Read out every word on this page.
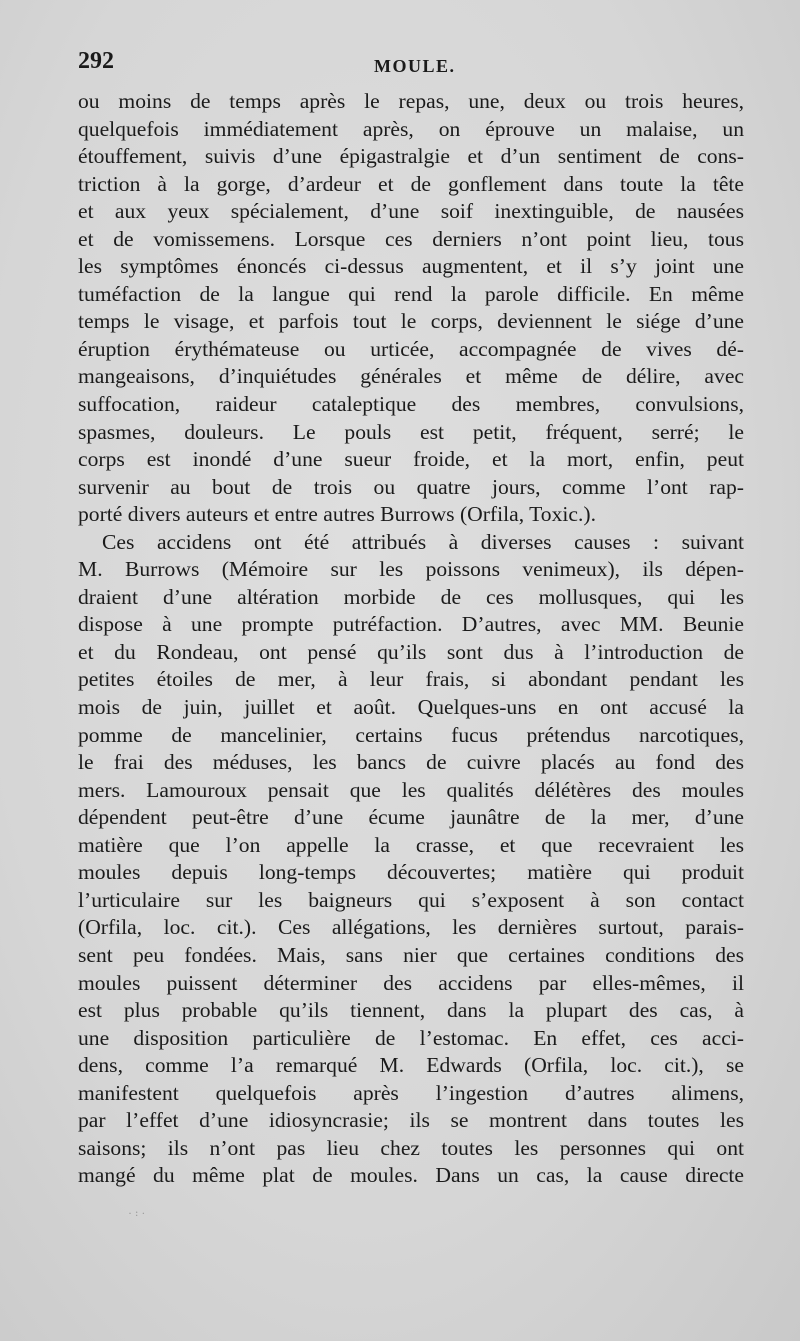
292	MOULE.
ou moins de temps après le repas, une, deux ou trois heures,
quelquefois immédiatement après, on éprouve un malaise, un
étouffement, suivis d’une épigastralgie et d’un sentiment de cons-
triction à la gorge, d’ardeur et de gonflement dans toute la tête
et aux yeux spécialement, d’une soif inextinguible, de nausées
et de vomissemens. Lorsque ces derniers n’ont point lieu, tous
les symptômes énoncés ci-dessus augmentent, et il s’y joint une
tuméfaction de la langue qui rend la parole difficile. En même
temps le visage, et parfois tout le corps, deviennent le siége d’une
éruption érythémateuse ou urticée, accompagnée de vives dé-
mangeaisons, d’inquiétudes générales et même de délire, avec
suffocation, raideur cataleptique des membres, convulsions,
spasmes, douleurs. Le pouls est petit, fréquent, serré; le
corps est inondé d’une sueur froide, et la mort, enfin, peut
survenir au bout de trois ou quatre jours, comme l’ont rap-
porté divers auteurs et entre autres Burrows (Orfila, Toxic.).
Ces accidens ont été attribués à diverses causes : suivant
M. Burrows (Mémoire sur les poissons venimeux), ils dépen-
draient d’une altération morbide de ces mollusques, qui les
dispose à une prompte putréfaction. D’autres, avec MM. Beunie
et du Rondeau, ont pensé qu’ils sont dus à l’introduction de
petites étoiles de mer, à leur frais, si abondant pendant les
mois de juin, juillet et août. Quelques-uns en ont accusé la
pomme de mancelinier, certains fucus prétendus narcotiques,
le frai des méduses, les bancs de cuivre placés au fond des
mers. Lamouroux pensait que les qualités délétères des moules
dépendent peut-être d’une écume jaunâtre de la mer, d’une
matière que l’on appelle la crasse, et que recevraient les
moules depuis long-temps découvertes; matière qui produit
l’urticulaire sur les baigneurs qui s’exposent à son contact
(Orfila, loc. cit.). Ces allégations, les dernières surtout, parais-
sent peu fondées. Mais, sans nier que certaines conditions des
moules puissent déterminer des accidens par elles-mêmes, il
est plus probable qu’ils tiennent, dans la plupart des cas, à
une disposition particulière de l’estomac. En effet, ces acci-
dens, comme l’a remarqué M. Edwards (Orfila, loc. cit.), se
manifestent quelquefois après l’ingestion d’autres alimens,
par l’effet d’une idiosyncrasie; ils se montrent dans toutes les
saisons; ils n’ont pas lieu chez toutes les personnes qui ont
mangé du même plat de moules. Dans un cas, la cause directe
· ꞉ ·
